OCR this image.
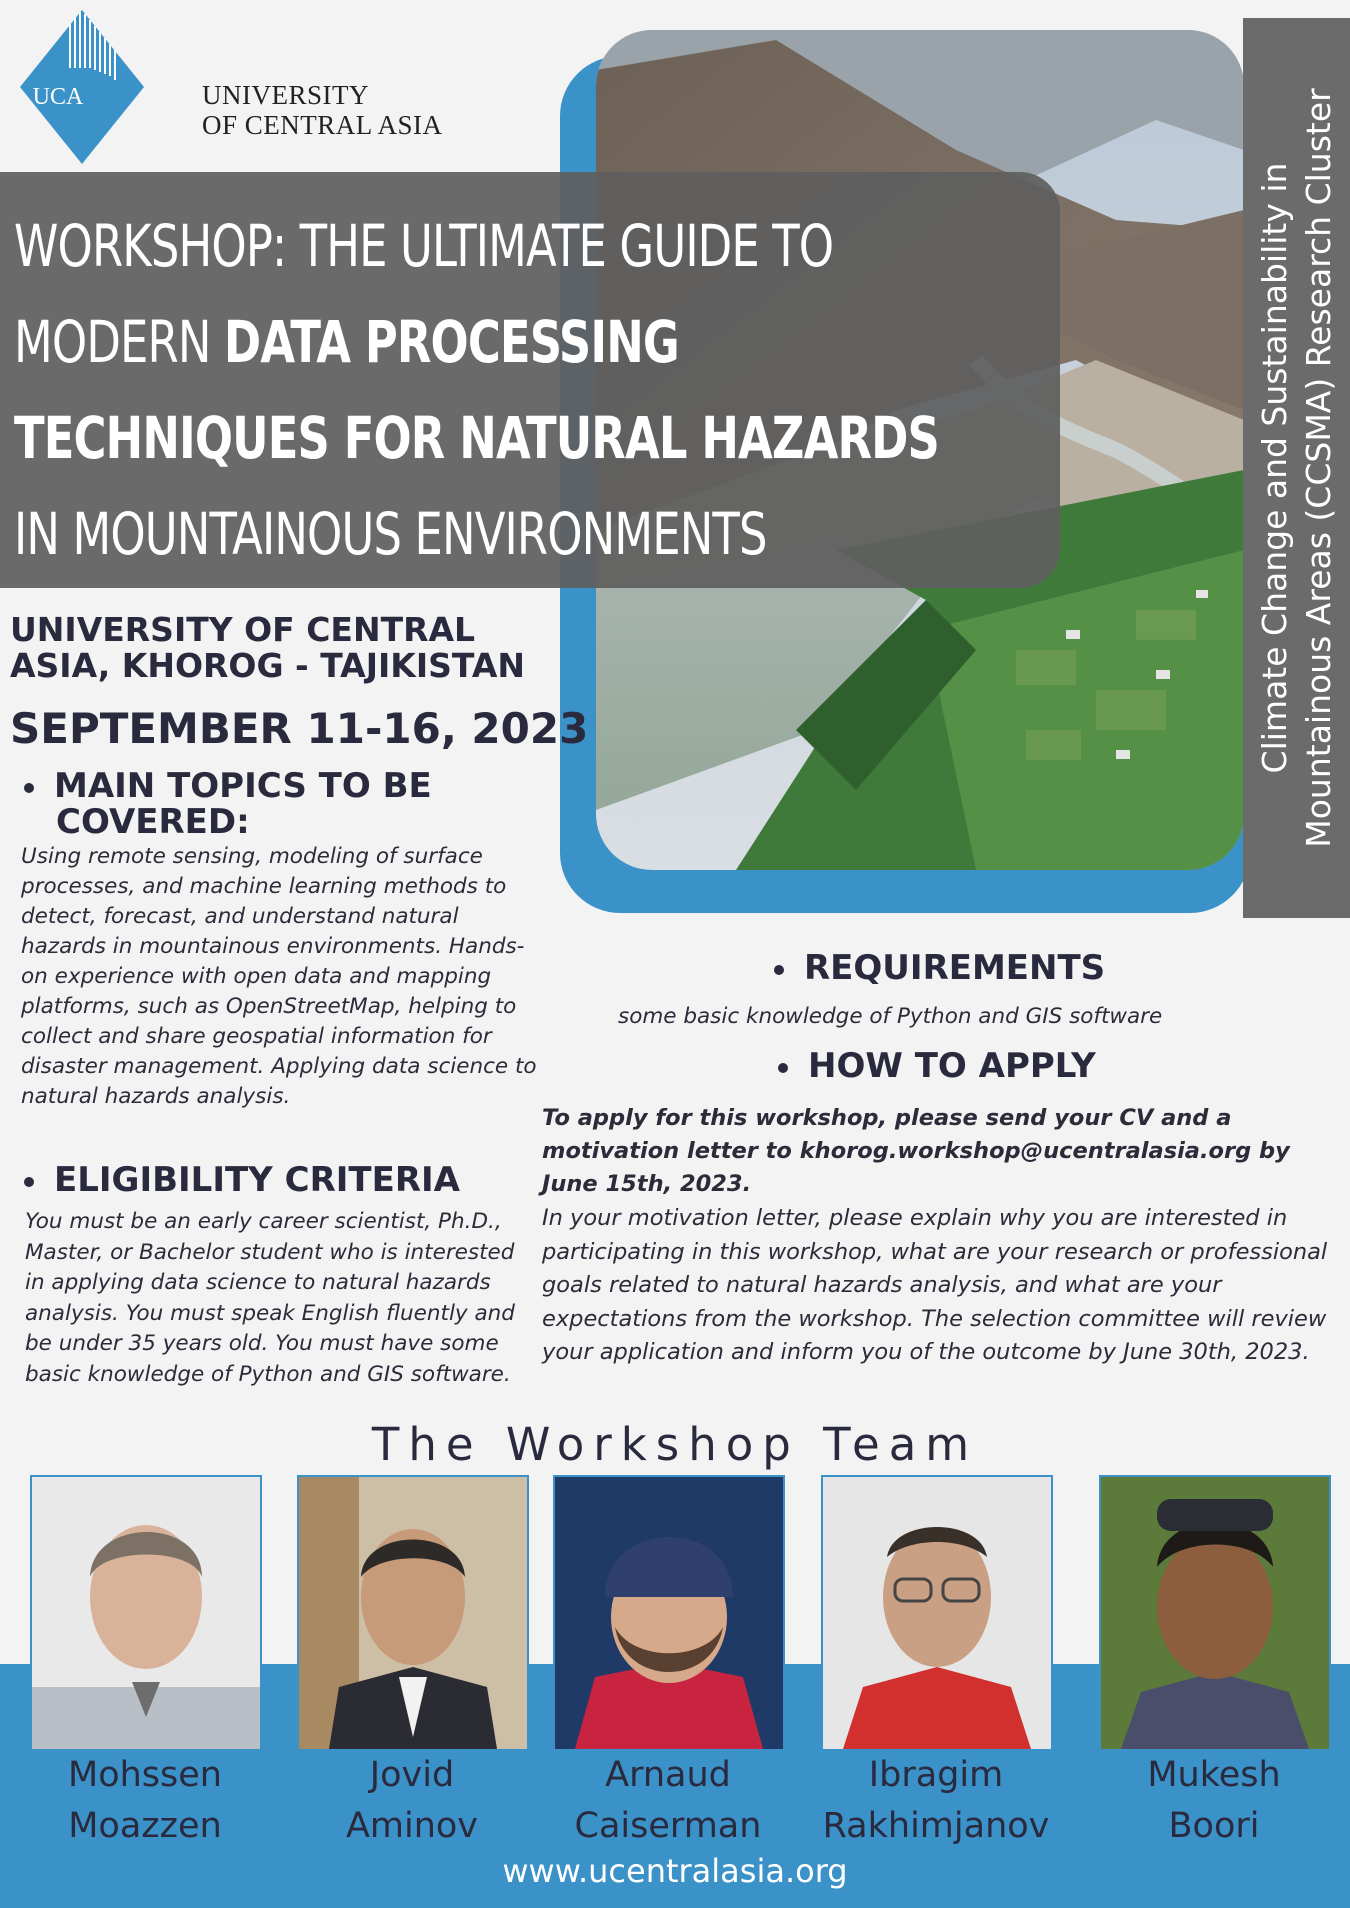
UCA	UNIVERSITY
OF CENTRAL ASIA
Climate Change and Sustainability in Mountainous Areas (CCSMA) Research Cluster
WORKSHOP: THE ULTIMATE GUIDE TO
MODERN DATA PROCESSING
TECHNIQUES FOR NATURAL HAZARDS
IN MOUNTAINOUS ENVIRONMENTS
UNIVERSITY OF CENTRAL
ASIA, KHOROG - TAJIKISTAN
SEPTEMBER 11-16, 2023
MAIN TOPICS TO BE
COVERED:
Using remote sensing, modeling of surface processes, and machine learning methods to detect, forecast, and understand natural hazards in mountainous environments. Hands-on experience with open data and mapping platforms, such as OpenStreetMap, helping to collect and share geospatial information for disaster management. Applying data science to natural hazards analysis.
ELIGIBILITY CRITERIA
You must be an early career scientist, Ph.D., Master, or Bachelor student who is interested in applying data science to natural hazards analysis. You must speak English fluently and be under 35 years old. You must have some basic knowledge of Python and GIS software.
REQUIREMENTS
some basic knowledge of Python and GIS software
HOW TO APPLY
To apply for this workshop, please send your CV and a motivation letter to khorog.workshop@ucentralasia.org by June 15th, 2023.
In your motivation letter, please explain why you are interested in participating in this workshop, what are your research or professional goals related to natural hazards analysis, and what are your expectations from the workshop. The selection committee will review your application and inform you of the outcome by June 30th, 2023.
The Workshop Team
Mohssen
Moazzen
Jovid
Aminov
Arnaud
Caiserman
Ibragim
Rakhimjanov
Mukesh
Boori
www.ucentralasia.org
